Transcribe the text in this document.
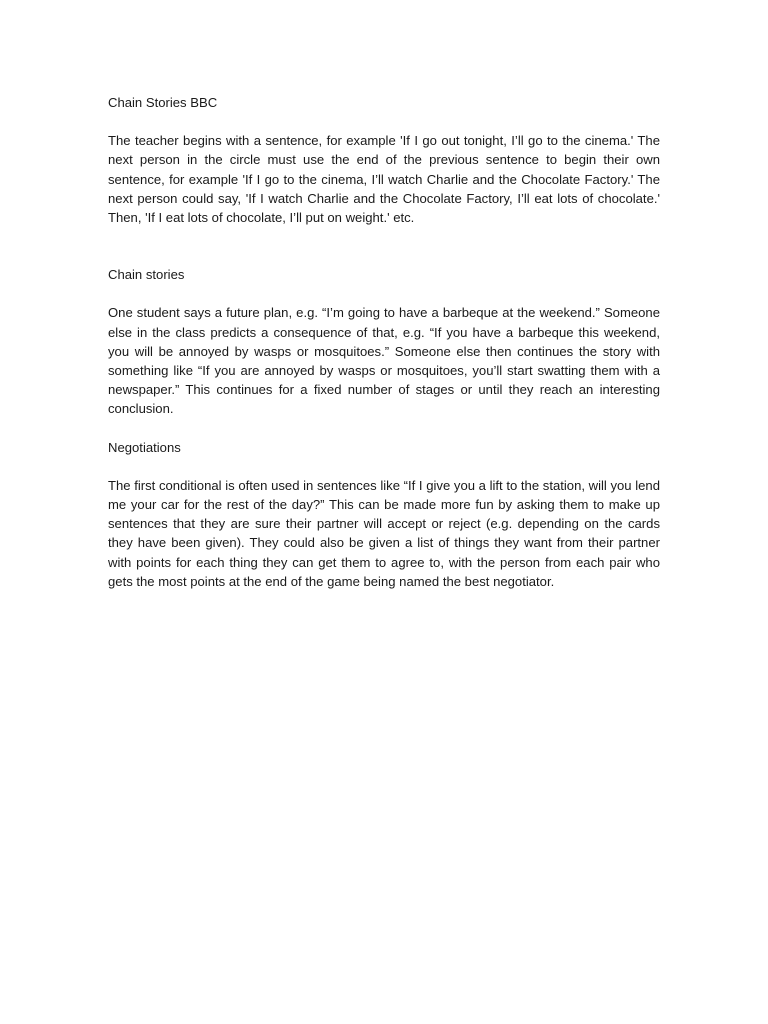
Chain Stories BBC

The teacher begins with a sentence, for example 'If I go out tonight, I’ll go to the cinema.' The next person in the circle must use the end of the previous sentence to begin their own sentence, for example 'If I go to the cinema, I’ll watch Charlie and the Chocolate Factory.' The next person could say, 'If I watch Charlie and the Chocolate Factory, I’ll eat lots of chocolate.' Then, 'If I eat lots of chocolate, I’ll put on weight.' etc.

Chain stories

One student says a future plan, e.g. “I’m going to have a barbeque at the weekend.” Someone else in the class predicts a consequence of that, e.g. “If you have a barbeque this weekend, you will be annoyed by wasps or mosquitoes.” Someone else then continues the story with something like “If you are annoyed by wasps or mosquitoes, you’ll start swatting them with a newspaper.” This continues for a fixed number of stages or until they reach an interesting conclusion.

Negotiations

The first conditional is often used in sentences like “If I give you a lift to the station, will you lend me your car for the rest of the day?” This can be made more fun by asking them to make up sentences that they are sure their partner will accept or reject (e.g. depending on the cards they have been given). They could also be given a list of things they want from their partner with points for each thing they can get them to agree to, with the person from each pair who gets the most points at the end of the game being named the best negotiator.
